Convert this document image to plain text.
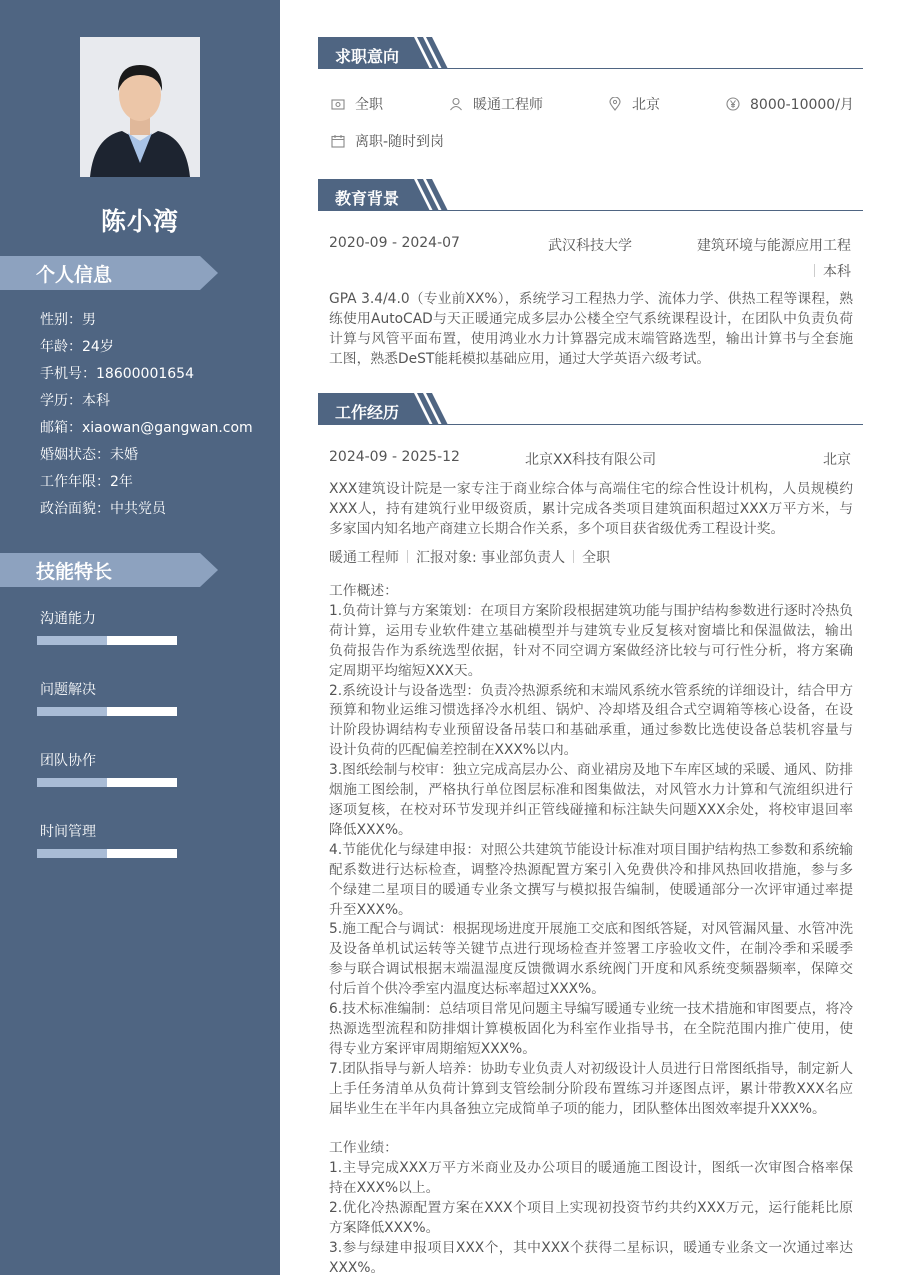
陈小湾
个人信息
性别：男
年龄：24岁
手机号：18600001654
学历：本科
邮箱：xiaowan@gangwan.com
婚姻状态：未婚
工作年限：2年
政治面貌：中共党员
技能特长
沟通能力
问题解决
团队协作
时间管理
求职意向
全职	暖通工程师	北京	8000-10000/月
离职-随时到岗
教育背景
2020-09 - 2024-07	武汉科技大学	建筑环境与能源应用工程
本科

GPA 3.4/4.0（专业前XX%），系统学习工程热力学、流体力学、供热工程等课程，熟练使用AutoCAD与天正暖通完成多层办公楼全空气系统课程设计，在团队中负责负荷计算与风管平面布置，使用鸿业水力计算器完成末端管路选型，输出计算书与全套施工图，熟悉DeST能耗模拟基础应用，通过大学英语六级考试。

工作经历
2024-09 - 2025-12	北京XX科技有限公司	北京

XXX建筑设计院是一家专注于商业综合体与高端住宅的综合性设计机构，人员规模约XXX人，持有建筑行业甲级资质，累计完成各类项目建筑面积超过XXX万平方米，与多家国内知名地产商建立长期合作关系，多个项目获省级优秀工程设计奖。

暖通工程师 汇报对象: 事业部负责人 全职

工作概述：

1.负荷计算与方案策划：在项目方案阶段根据建筑功能与围护结构参数进行逐时冷热负荷计算，运用专业软件建立基础模型并与建筑专业反复核对窗墙比和保温做法，输出负荷报告作为系统选型依据，针对不同空调方案做经济比较与可行性分析，将方案确定周期平均缩短XXX天。

2.系统设计与设备选型：负责冷热源系统和末端风系统水管系统的详细设计，结合甲方预算和物业运维习惯选择冷水机组、锅炉、冷却塔及组合式空调箱等核心设备，在设计阶段协调结构专业预留设备吊装口和基础承重，通过参数比选使设备总装机容量与设计负荷的匹配偏差控制在XXX%以内。

3.图纸绘制与校审：独立完成高层办公、商业裙房及地下车库区域的采暖、通风、防排烟施工图绘制，严格执行单位图层标准和图集做法，对风管水力计算和气流组织进行逐项复核，在校对环节发现并纠正管线碰撞和标注缺失问题XXX余处，将校审退回率降低XXX%。

4.节能优化与绿建申报：对照公共建筑节能设计标准对项目围护结构热工参数和系统输配系数进行达标检查，调整冷热源配置方案引入免费供冷和排风热回收措施，参与多个绿建二星项目的暖通专业条文撰写与模拟报告编制，使暖通部分一次评审通过率提升至XXX%。

5.施工配合与调试：根据现场进度开展施工交底和图纸答疑，对风管漏风量、水管冲洗及设备单机试运转等关键节点进行现场检查并签署工序验收文件，在制冷季和采暖季参与联合调试根据末端温湿度反馈微调水系统阀门开度和风系统变频器频率，保障交付后首个供冷季室内温度达标率超过XXX%。

6.技术标准编制：总结项目常见问题主导编写暖通专业统一技术措施和审图要点，将冷热源选型流程和防排烟计算模板固化为科室作业指导书，在全院范围内推广使用，使得专业方案评审周期缩短XXX%。

7.团队指导与新人培养：协助专业负责人对初级设计人员进行日常图纸指导，制定新人上手任务清单从负荷计算到支管绘制分阶段布置练习并逐图点评，累计带教XXX名应届毕业生在半年内具备独立完成简单子项的能力，团队整体出图效率提升XXX%。

工作业绩：

1.主导完成XXX万平方米商业及办公项目的暖通施工图设计，图纸一次审图合格率保持在XXX%以上。

2.优化冷热源配置方案在XXX个项目上实现初投资节约共约XXX万元，运行能耗比原方案降低XXX%。

3.参与绿建申报项目XXX个，其中XXX个获得二星标识，暖通专业条文一次通过率达XXX%。
